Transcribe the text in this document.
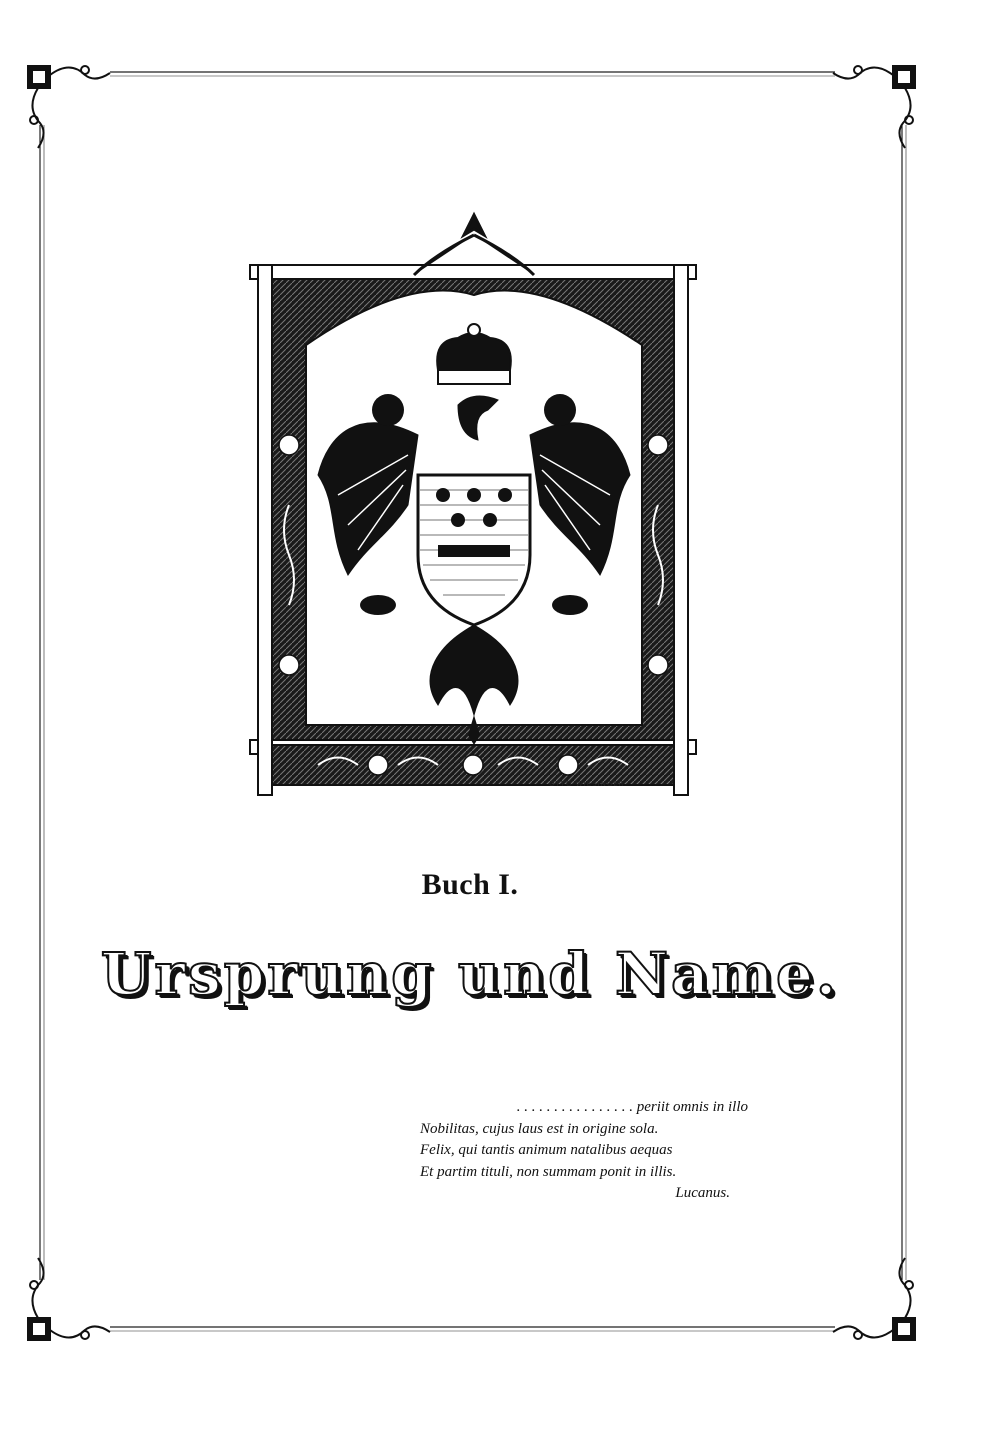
OTTO WIESINGER
Buch I.
Ursprung und Name.
. . . . . . . . . . . . . . . . periit omnis in illo
Nobilitas, cujus laus est in origine sola.
Felix, qui tantis animum natalibus aequas
Et partim tituli, non summam ponit in illis.
Lucanus.
